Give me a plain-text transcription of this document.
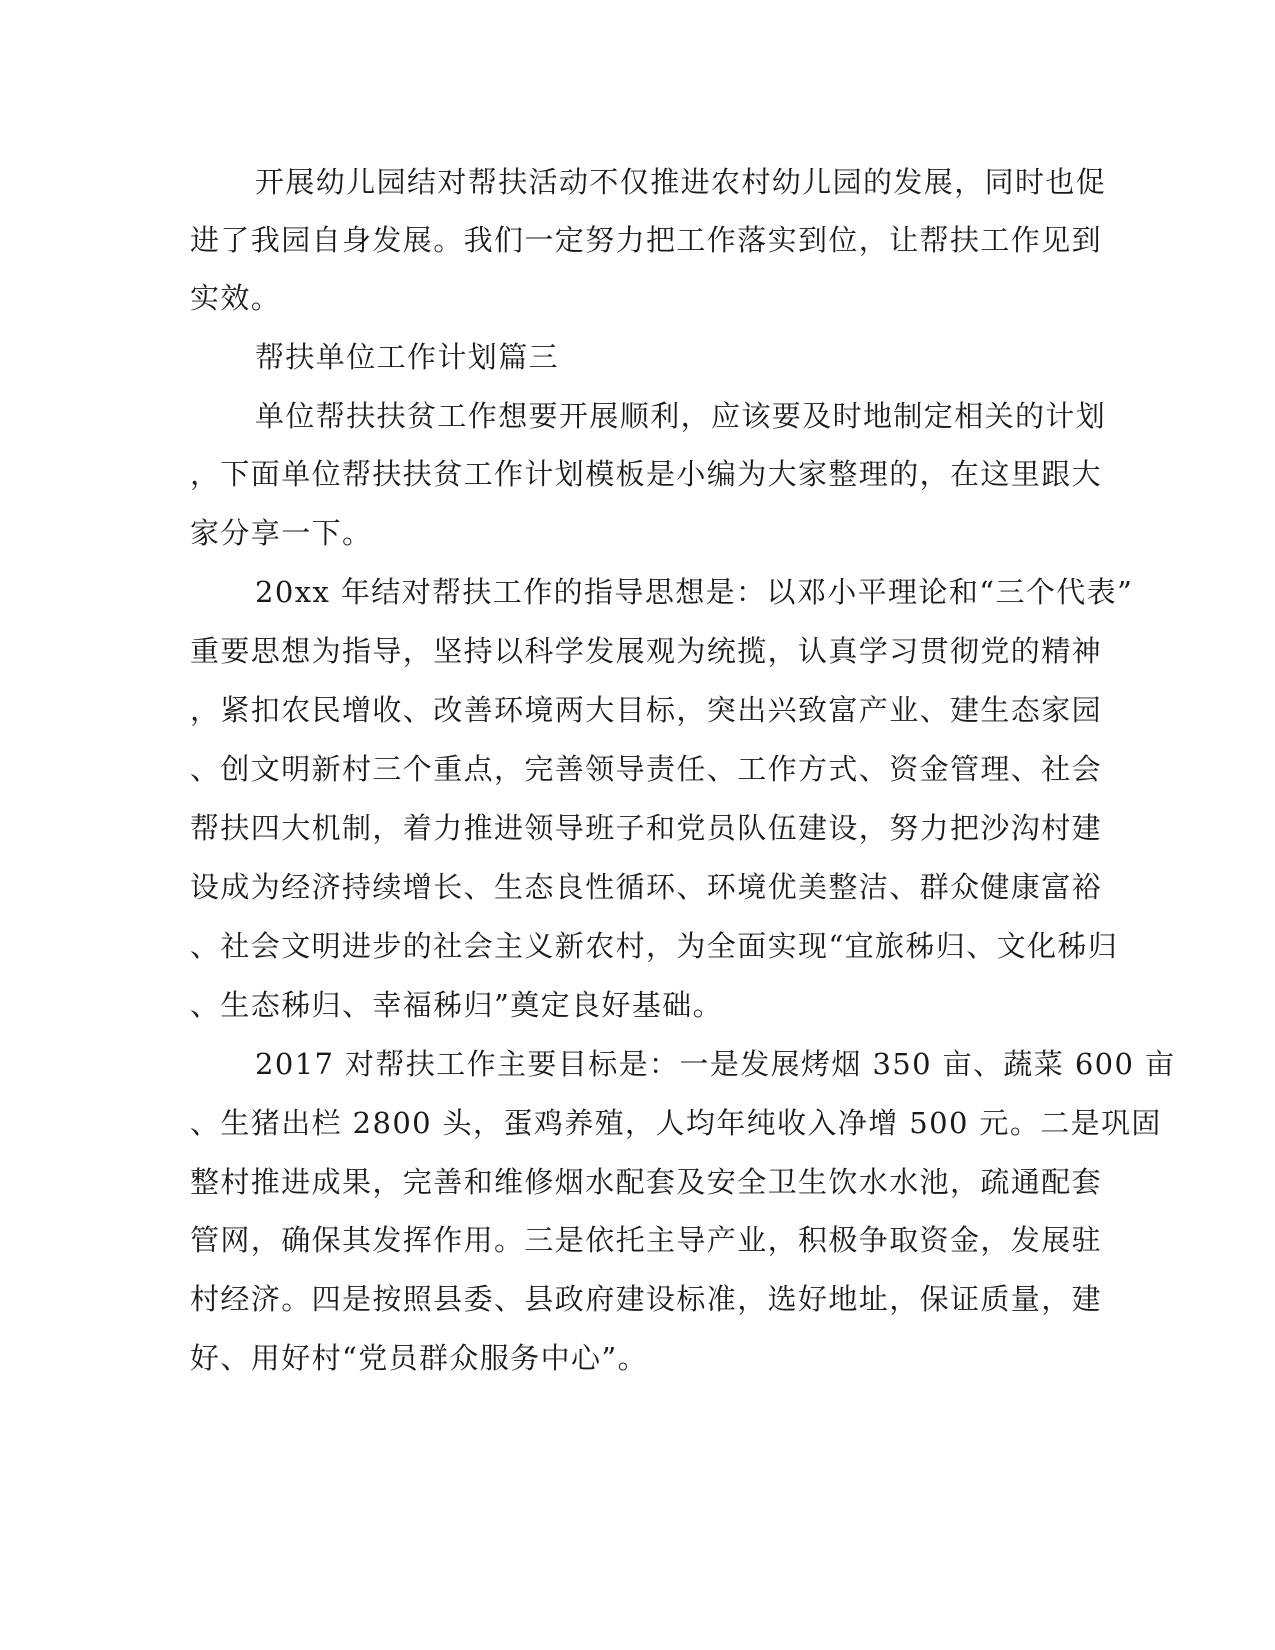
开展幼儿园结对帮扶活动不仅推进农村幼儿园的发展，同时也促
进了我园自身发展。我们一定努力把工作落实到位，让帮扶工作见到
实效。
帮扶单位工作计划篇三
单位帮扶扶贫工作想要开展顺利，应该要及时地制定相关的计划
，下面单位帮扶扶贫工作计划模板是小编为大家整理的，在这里跟大
家分享一下。
20xx 年结对帮扶工作的指导思想是：以邓小平理论和“三个代表”
重要思想为指导，坚持以科学发展观为统揽，认真学习贯彻党的精神
，紧扣农民增收、改善环境两大目标，突出兴致富产业、建生态家园
、创文明新村三个重点，完善领导责任、工作方式、资金管理、社会
帮扶四大机制，着力推进领导班子和党员队伍建设，努力把沙沟村建
设成为经济持续增长、生态良性循环、环境优美整洁、群众健康富裕
、社会文明进步的社会主义新农村，为全面实现“宜旅秭归、文化秭归
、生态秭归、幸福秭归”奠定良好基础。
2017 对帮扶工作主要目标是：一是发展烤烟 350 亩、蔬菜 600 亩
、生猪出栏 2800 头，蛋鸡养殖，人均年纯收入净增 500 元。二是巩固
整村推进成果，完善和维修烟水配套及安全卫生饮水水池，疏通配套
管网，确保其发挥作用。三是依托主导产业，积极争取资金，发展驻
村经济。四是按照县委、县政府建设标准，选好地址，保证质量，建
好、用好村“党员群众服务中心”。
